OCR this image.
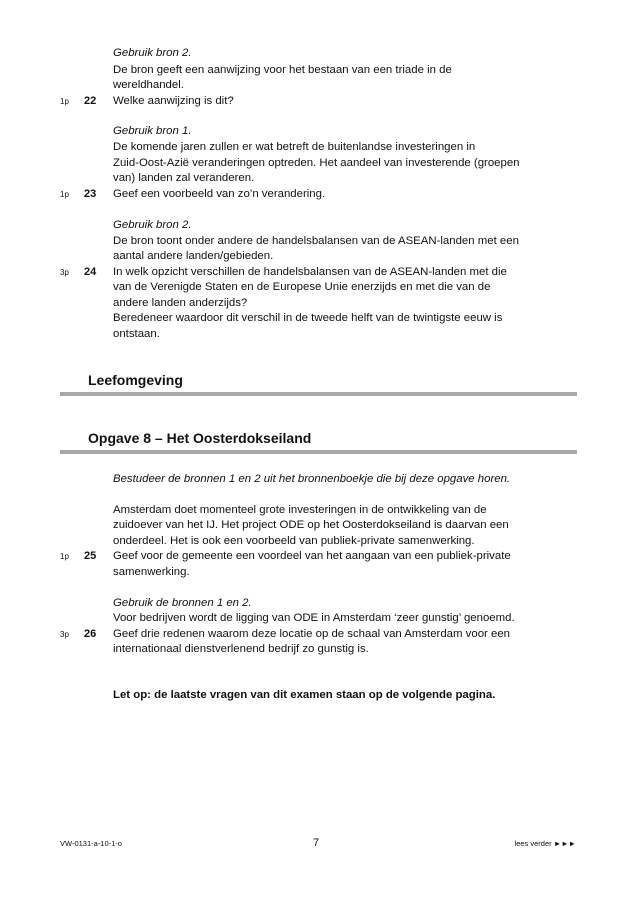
Gebruik bron 2.
De bron geeft een aanwijzing voor het bestaan van een triade in de
wereldhandel.
1p 22 Welke aanwijzing is dit?
Gebruik bron 1.
De komende jaren zullen er wat betreft de buitenlandse investeringen in
Zuid-Oost-Azië veranderingen optreden. Het aandeel van investerende (groepen
van) landen zal veranderen.
1p 23 Geef een voorbeeld van zo’n verandering.
Gebruik bron 2.
De bron toont onder andere de handelsbalansen van de ASEAN-landen met een
aantal andere landen/gebieden.
3p 24 In welk opzicht verschillen de handelsbalansen van de ASEAN-landen met die
van de Verenigde Staten en de Europese Unie enerzijds en met die van de
andere landen anderzijds?
Beredeneer waardoor dit verschil in de tweede helft van de twintigste eeuw is
ontstaan.
Leefomgeving
Opgave 8 – Het Oosterdokseiland
Bestudeer de bronnen 1 en 2 uit het bronnenboekje die bij deze opgave horen.
Amsterdam doet momenteel grote investeringen in de ontwikkeling van de
zuidoever van het IJ. Het project ODE op het Oosterdokseiland is daarvan een
onderdeel. Het is ook een voorbeeld van publiek-private samenwerking.
1p 25 Geef voor de gemeente een voordeel van het aangaan van een publiek-private
samenwerking.
Gebruik de bronnen 1 en 2.
Voor bedrijven wordt de ligging van ODE in Amsterdam ‘zeer gunstig’ genoemd.
3p 26 Geef drie redenen waarom deze locatie op de schaal van Amsterdam voor een
internationaal dienstverlenend bedrijf zo gunstig is.
Let op: de laatste vragen van dit examen staan op de volgende pagina.
VW-0131-a-10-1-o	7	lees verder ►►►
